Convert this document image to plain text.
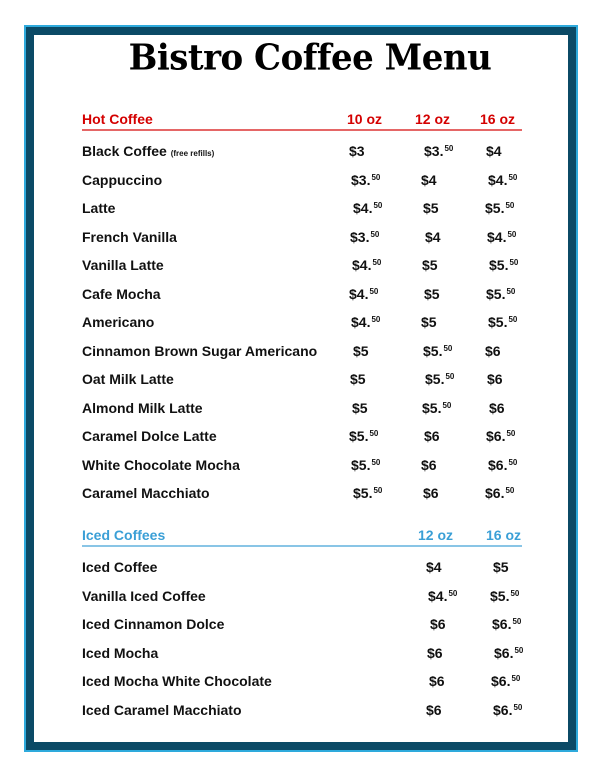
Bistro Coffee Menu
Hot Coffee	10 oz 12 oz 16 oz
Black Coffee (free refills)	$3	$3.50 $4
Cappuccino	$3.50	$4	$4.50
Latte	$4.50	$5	$5.50
French Vanilla	$3.50	$4	$4.50
Vanilla Latte	$4.50	$5	$5.50
Cafe Mocha	$4.50	$5	$5.50
Americano	$4.50	$5	$5.50
Cinnamon Brown Sugar Americano	$5	$5.50 $6
Oat Milk Latte	$5	$5.50 $6
Almond Milk Latte	$5	$5.50	$6
Caramel Dolce Latte	$5.50	$6	$6.50
White Chocolate Mocha	$5.50	$6	$6.50
Caramel Macchiato	$5.50	$6	$6.50
Iced Coffees	12 oz 16 oz
Iced Coffee	$4	$5
Vanilla Iced Coffee	$4.50 $5.50
Iced Cinnamon Dolce	$6	$6.50
Iced Mocha	$6	$6.50
Iced Mocha White Chocolate	$6	$6.50
Iced Caramel Macchiato	$6	$6.50
